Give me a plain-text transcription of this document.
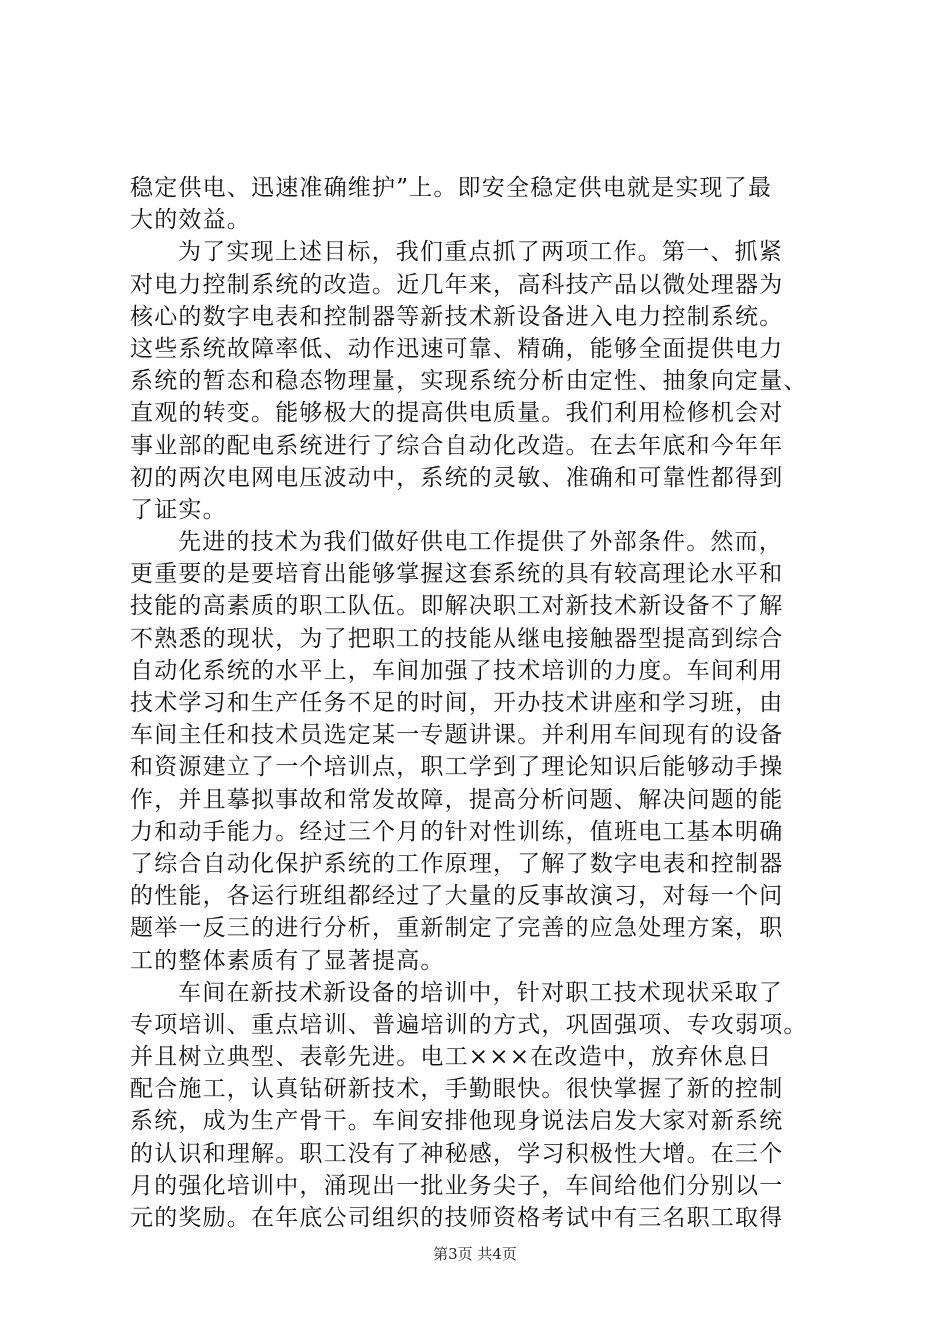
稳定供电、迅速准确维护”上。即安全稳定供电就是实现了最
大的效益。
为了实现上述目标，我们重点抓了两项工作。第一、抓紧
对电力控制系统的改造。近几年来，高科技产品以微处理器为
核心的数字电表和控制器等新技术新设备进入电力控制系统。
这些系统故障率低、动作迅速可靠、精确，能够全面提供电力
系统的暂态和稳态物理量，实现系统分析由定性、抽象向定量、
直观的转变。能够极大的提高供电质量。我们利用检修机会对
事业部的配电系统进行了综合自动化改造。在去年底和今年年
初的两次电网电压波动中，系统的灵敏、准确和可靠性都得到
了证实。
先进的技术为我们做好供电工作提供了外部条件。然而，
更重要的是要培育出能够掌握这套系统的具有较高理论水平和
技能的高素质的职工队伍。即解决职工对新技术新设备不了解
不熟悉的现状，为了把职工的技能从继电接触器型提高到综合
自动化系统的水平上，车间加强了技术培训的力度。车间利用
技术学习和生产任务不足的时间，开办技术讲座和学习班，由
车间主任和技术员选定某一专题讲课。并利用车间现有的设备
和资源建立了一个培训点，职工学到了理论知识后能够动手操
作，并且摹拟事故和常发故障，提高分析问题、解决问题的能
力和动手能力。经过三个月的针对性训练，值班电工基本明确
了综合自动化保护系统的工作原理，了解了数字电表和控制器
的性能，各运行班组都经过了大量的反事故演习，对每一个问
题举一反三的进行分析，重新制定了完善的应急处理方案，职
工的整体素质有了显著提高。
车间在新技术新设备的培训中，针对职工技术现状采取了
专项培训、重点培训、普遍培训的方式，巩固强项、专攻弱项。
并且树立典型、表彰先进。电工×××在改造中，放弃休息日
配合施工，认真钻研新技术，手勤眼快。很快掌握了新的控制
系统，成为生产骨干。车间安排他现身说法启发大家对新系统
的认识和理解。职工没有了神秘感，学习积极性大增。在三个
月的强化培训中，涌现出一批业务尖子，车间给他们分别以一
元的奖励。在年底公司组织的技师资格考试中有三名职工取得
第3页 共4页
